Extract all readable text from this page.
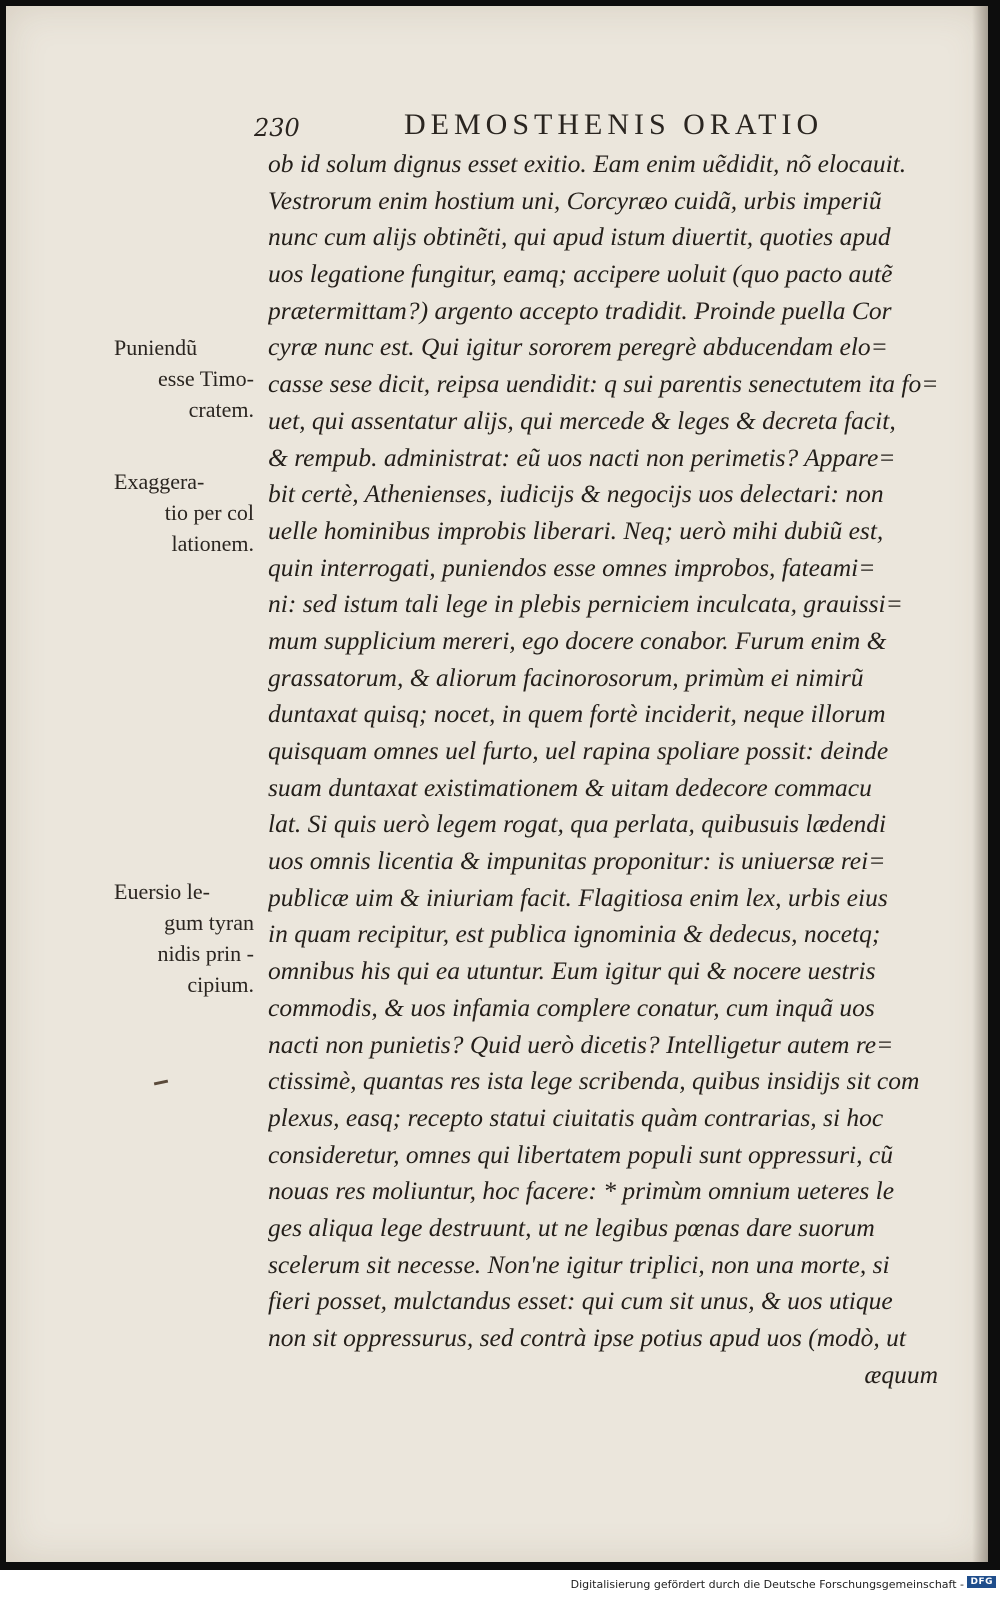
230	DEMOSTHENIS ORATIO
Puniendũ
esse Timo-
cratem.
Exaggera-
tio per col
lationem.
Euersio le-
gum tyran
nidis prin -
cipium.
ob id solum dignus esset exitio. Eam enim uẽdidit, nõ elocauit.
Vestrorum enim hostium uni, Corcyræo cuidã, urbis imperiũ
nunc cum alijs obtinẽti, qui apud istum diuertit, quoties apud
uos legatione fungitur, eamq; accipere uoluit (quo pacto autẽ
prætermittam?) argento accepto tradidit. Proinde puella Cor
cyræ nunc est. Qui igitur sororem peregrè abducendam elo=
casse sese dicit, reipsa uendidit: q sui parentis senectutem ita fo=
uet, qui assentatur alijs, qui mercede & leges & decreta facit,
& rempub. administrat: eũ uos nacti non perimetis? Appare=
bit certè, Athenienses, iudicijs & negocijs uos delectari: non
uelle hominibus improbis liberari. Neq; uerò mihi dubiũ est,
quin interrogati, puniendos esse omnes improbos, fateami=
ni: sed istum tali lege in plebis perniciem inculcata, grauissi=
mum supplicium mereri, ego docere conabor. Furum enim &
grassatorum, & aliorum facinorosorum, primùm ei nimirũ
duntaxat quisq; nocet, in quem fortè inciderit, neque illorum
quisquam omnes uel furto, uel rapina spoliare possit: deinde
suam duntaxat existimationem & uitam dedecore commacu
lat. Si quis uerò legem rogat, qua perlata, quibusuis lædendi
uos omnis licentia & impunitas proponitur: is uniuersæ rei=
publicæ uim & iniuriam facit. Flagitiosa enim lex, urbis eius
in quam recipitur, est publica ignominia & dedecus, nocetq;
omnibus his qui ea utuntur. Eum igitur qui & nocere uestris
commodis, & uos infamia complere conatur, cum inquã uos
nacti non punietis? Quid uerò dicetis? Intelligetur autem re=
ctissimè, quantas res ista lege scribenda, quibus insidijs sit com
plexus, easq; recepto statui ciuitatis quàm contrarias, si hoc
consideretur, omnes qui libertatem populi sunt oppressuri, cũ
nouas res moliuntur, hoc facere: * primùm omnium ueteres le
ges aliqua lege destruunt, ut ne legibus pœnas dare suorum
scelerum sit necesse. Non'ne igitur triplici, non una morte, si
fieri posset, mulctandus esset: qui cum sit unus, & uos utique
non sit oppressurus, sed contrà ipse potius apud uos (modò, ut
æquum
Digitalisierung gefördert durch die Deutsche Forschungsgemeinschaft - DFG
